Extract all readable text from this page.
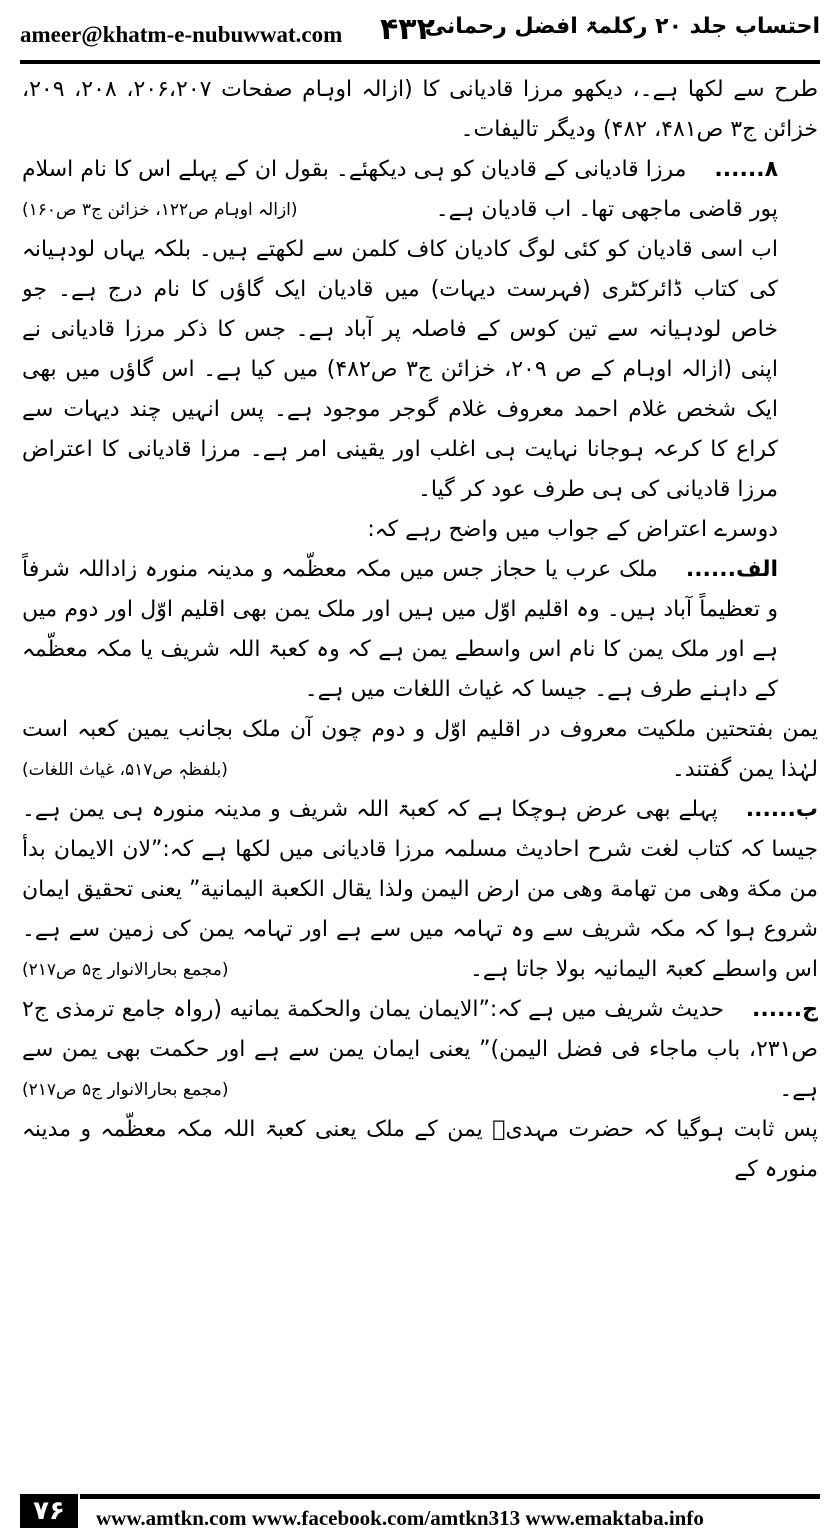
ameer@khatm-e-nubuwwat.com ۴۳۲
احتساب جلد ۲۰ رکلمۃ افضل رحمانی

طرح سے لکھا ہے۔، دیکھو مرزا قادیانی کا (ازالہ اوہام صفحات ۲۰۶،۲۰۷، ۲۰۸، ۲۰۹، خزائن ج۳ ص۴۸۱، ۴۸۲) ودیگر تالیفات۔

۸......مرزا قادیانی کے قادیان کو ہی دیکھئے۔ بقول ان کے پہلے اس کا نام اسلام پور قاضی ماجھی تھا۔ اب قادیان ہے۔
(ازالہ اوہام ص۱۲۲، خزائن ج۳ ص۱۶۰)

اب اسی قادیان کو کئی لوگ کادیان کاف کلمن سے لکھتے ہیں۔ بلکہ یہاں لودہیانہ کی کتاب ڈائرکٹری (فہرست دیہات) میں قادیان ایک گاؤں کا نام درج ہے۔ جو خاص لودہیانہ سے تین کوس کے فاصلہ پر آباد ہے۔ جس کا ذکر مرزا قادیانی نے اپنی (ازالہ اوہام کے ص ۲۰۹، خزائن ج۳ ص۴۸۲) میں کیا ہے۔ اس گاؤں میں بھی ایک شخص غلام احمد معروف غلام گوجر موجود ہے۔ پس انہیں چند دیہات سے کراع کا کرعہ ہوجانا نہایت ہی اغلب اور یقینی امر ہے۔ مرزا قادیانی کا اعتراض مرزا قادیانی کی ہی طرف عود کر گیا۔

دوسرے اعتراض کے جواب میں واضح رہے کہ:

الف......ملک عرب یا حجاز جس میں مکہ معظّمہ و مدینہ منورہ زاداللہ شرفاً و تعظیماً آباد ہیں۔ وہ اقلیم اوّل میں ہیں اور ملک یمن بھی اقلیم اوّل اور دوم میں ہے اور ملک یمن کا نام اس واسطے یمن ہے کہ وہ کعبۃ اللہ شریف یا مکہ معظّمہ کے داہنے طرف ہے۔ جیسا کہ غیاث اللغات میں ہے۔

یمن بفتحتین ملکیت معروف در اقلیم اوّل و دوم چون آن ملک بجانب یمین کعبہ است لہٰذا یمن گفتند۔
(بلفظہٖ ص۵۱۷، غیاث اللغات)

ب......پہلے بھی عرض ہوچکا ہے کہ کعبۃ اللہ شریف و مدینہ منورہ ہی یمن ہے۔ جیسا کہ کتاب لغت شرح احادیث مسلمہ مرزا قادیانی میں لکھا ہے کہ:”لان الایمان بدأ من مکة وهی من تهامة وهی من ارض الیمن ولذا یقال الکعبة الیمانیة” یعنی تحقیق ایمان شروع ہوا کہ مکہ شریف سے وہ تہامہ میں سے ہے اور تہامہ یمن کی زمین سے ہے۔ اس واسطے کعبۃ الیمانیہ بولا جاتا ہے۔
(مجمع بحارالانوار ج۵ ص۲۱۷)

ج......حدیث شریف میں ہے کہ:”الایمان یمان والحکمة یمانیه (رواہ جامع ترمذی ج۲ ص۲۳۱، باب ماجاء فی فضل الیمن)” یعنی ایمان یمن سے ہے اور حکمت بھی یمن سے ہے۔
(مجمع بحارالانوار ج۵ ص۲۱۷)

پس ثابت ہوگیا کہ حضرت مہدیؑ یمن کے ملک یعنی کعبۃ اللہ مکہ معظّمہ و مدینہ منورہ کے

۷۶	www.amtkn.com www.facebook.com/amtkn313 www.emaktaba.info
